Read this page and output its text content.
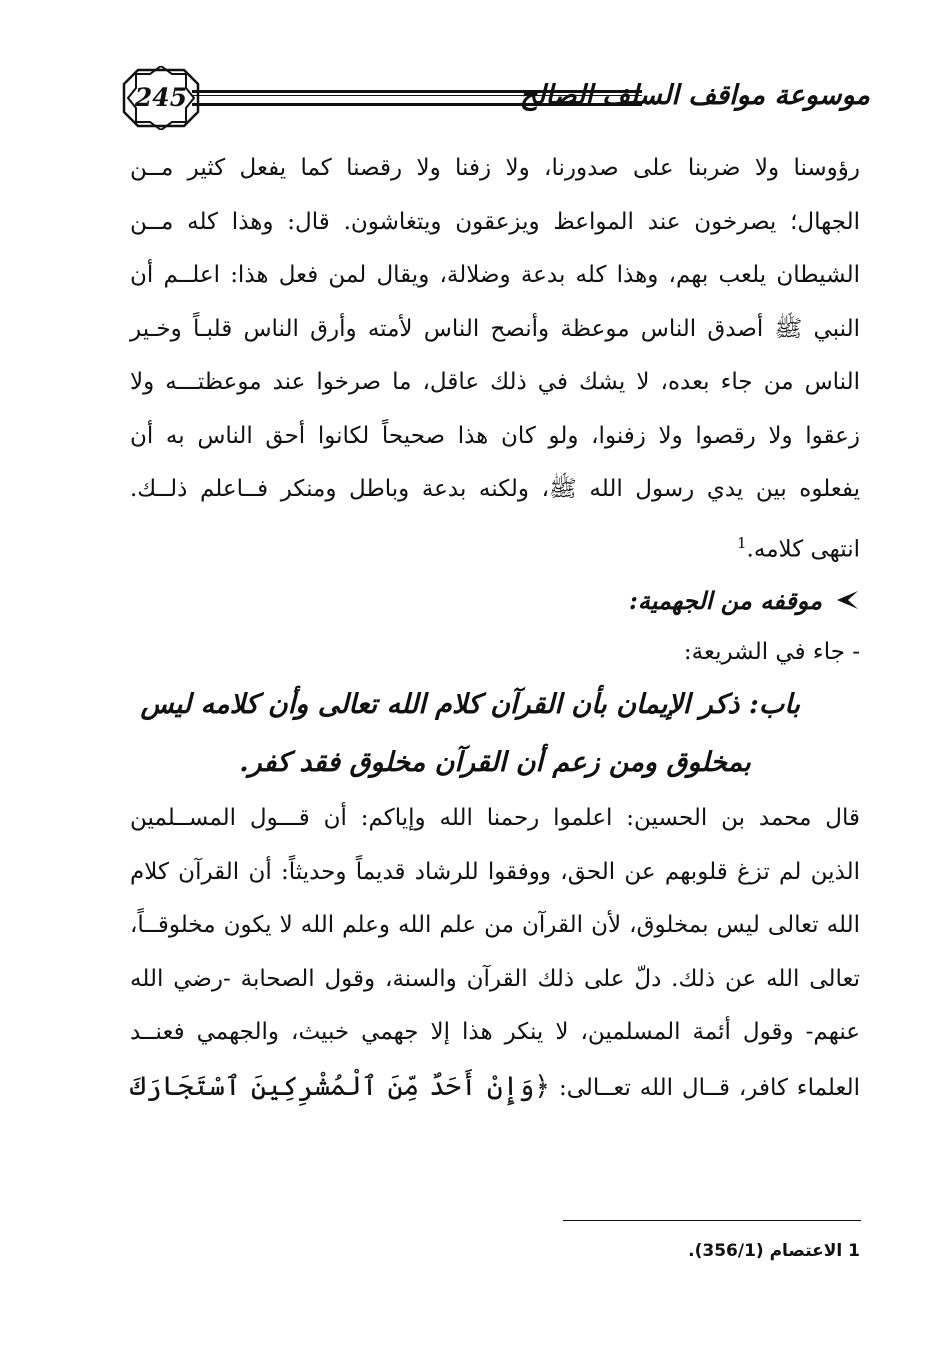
245	موسوعة مواقف السلف الصالح
رؤوسنا ولا ضربنا على صدورنا، ولا زفنا ولا رقصنا كما يفعل كثير مــن
الجهال؛ يصرخون عند المواعظ ويزعقون ويتغاشون. قال: وهذا كله مــن
الشيطان يلعب بهم، وهذا كله بدعة وضلالة، ويقال لمن فعل هذا: اعلــم أن
النبي ﷺ أصدق الناس موعظة وأنصح الناس لأمته وأرق الناس قلبـاً وخـير
الناس من جاء بعده، لا يشك في ذلك عاقل، ما صرخوا عند موعظتـــه ولا
زعقوا ولا رقصوا ولا زفنوا، ولو كان هذا صحيحاً لكانوا أحق الناس به أن
يفعلوه بين يدي رسول الله ﷺ، ولكنه بدعة وباطل ومنكر فــاعلم ذلــك.
انتهى كلامه.$^1$
موقفه من الجهمية:
- جاء في الشريعة:
باب: ذكر الإيمان بأن القرآن كلام الله تعالى وأن كلامه ليس
بمخلوق ومن زعم أن القرآن مخلوق فقد كفر.
قال محمد بن الحسين: اعلموا رحمنا الله وإياكم: أن قـــول المســلمين
الذين لم تزغ قلوبهم عن الحق، ووفقوا للرشاد قديماً وحديثاً: أن القرآن كلام
الله تعالى ليس بمخلوق، لأن القرآن من علم الله وعلم الله لا يكون مخلوقــاً،
تعالى الله عن ذلك. دلّ على ذلك القرآن والسنة، وقول الصحابة -رضي الله
عنهم- وقول أئمة المسلمين، لا ينكر هذا إلا جهمي خبيث، والجهمي فعنــد
العلماء كافر، قــال الله تعــالى: ﴿وَإِنْ أَحَدٌ مِّنَ ٱلْمُشْرِكِينَ ٱسْتَجَارَكَ
1 الاعتصام (356/1).
